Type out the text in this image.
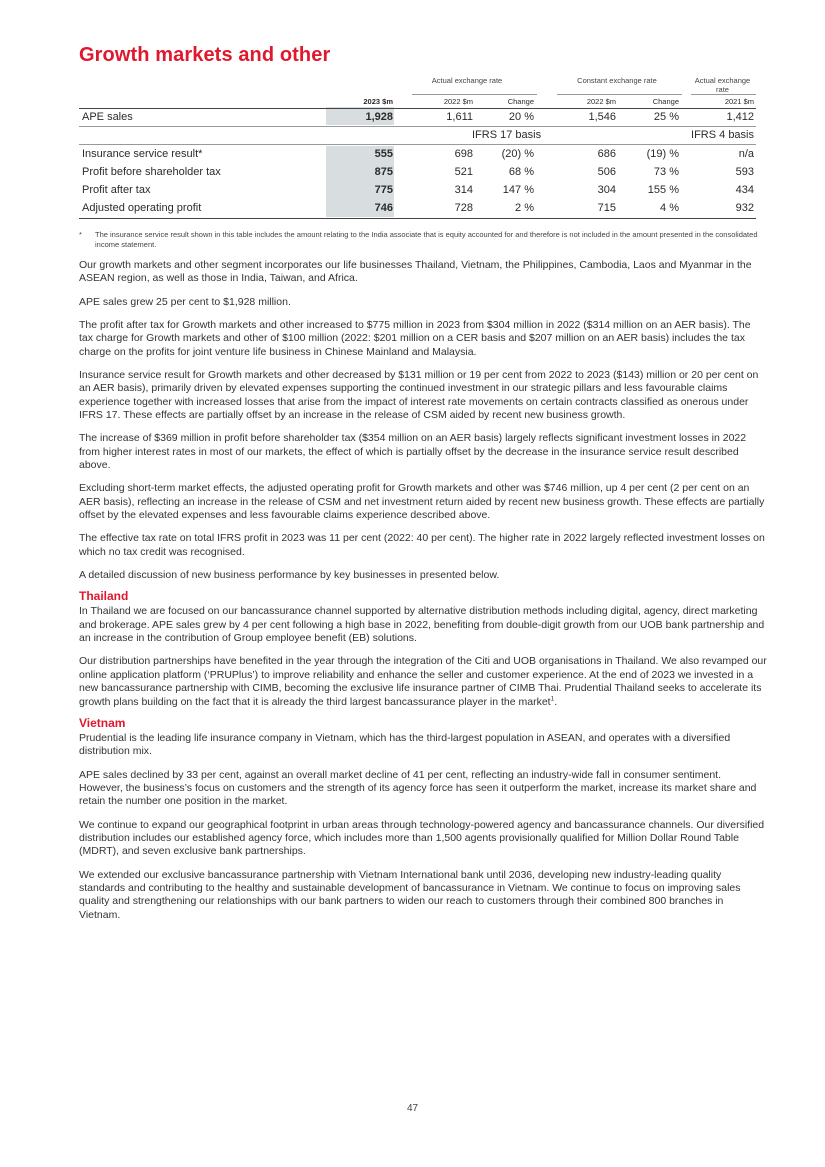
Growth markets and other
Actual exchange rate	Constant exchange rate	Actual exchange rate
2023 $m	2022 $m	Change	2022 $m	Change	2021 $m
APE sales	1,928	1,611	20 %	1,546	25 %	1,412
IFRS 17 basis	IFRS 4 basis
Insurance service result*	555	698	(20) %	686	(19) %	n/a
Profit before shareholder tax	875	521	68 %	506	73 %	593
Profit after tax	775	314	147 %	304	155 %	434
Adjusted operating profit	746	728	2 %	715	4 %	932
* The insurance service result shown in this table includes the amount relating to the India associate that is equity accounted for and therefore is not included in the amount presented in the consolidated income statement.

Our growth markets and other segment incorporates our life businesses Thailand, Vietnam, the Philippines, Cambodia, Laos and Myanmar in the ASEAN region, as well as those in India, Taiwan, and Africa.

APE sales grew 25 per cent to $1,928 million.

The profit after tax for Growth markets and other increased to $775 million in 2023 from $304 million in 2022 ($314 million on an AER basis). The tax charge for Growth markets and other of $100 million (2022: $201 million on a CER basis and $207 million on an AER basis) includes the tax charge on the profits for joint venture life business in Chinese Mainland and Malaysia.

Insurance service result for Growth markets and other decreased by $131 million or 19 per cent from 2022 to 2023 ($143) million or 20 per cent on an AER basis), primarily driven by elevated expenses supporting the continued investment in our strategic pillars and less favourable claims experience together with increased losses that arise from the impact of interest rate movements on certain contracts classified as onerous under IFRS 17. These effects are partially offset by an increase in the release of CSM aided by recent new business growth.

The increase of $369 million in profit before shareholder tax ($354 million on an AER basis) largely reflects significant investment losses in 2022 from higher interest rates in most of our markets, the effect of which is partially offset by the decrease in the insurance service result described above.

Excluding short-term market effects, the adjusted operating profit for Growth markets and other was $746 million, up 4 per cent (2 per cent on an AER basis), reflecting an increase in the release of CSM and net investment return aided by recent new business growth. These effects are partially offset by the elevated expenses and less favourable claims experience described above.

The effective tax rate on total IFRS profit in 2023 was 11 per cent (2022: 40 per cent). The higher rate in 2022 largely reflected investment losses on which no tax credit was recognised.

A detailed discussion of new business performance by key businesses in presented below.

Thailand

In Thailand we are focused on our bancassurance channel supported by alternative distribution methods including digital, agency, direct marketing and brokerage. APE sales grew by 4 per cent following a high base in 2022, benefiting from double-digit growth from our UOB bank partnership and an increase in the contribution of Group employee benefit (EB) solutions.

Our distribution partnerships have benefited in the year through the integration of the Citi and UOB organisations in Thailand. We also revamped our online application platform (‘PRUPlus’) to improve reliability and enhance the seller and customer experience. At the end of 2023 we invested in a new bancassurance partnership with CIMB, becoming the exclusive life insurance partner of CIMB Thai. Prudential Thailand seeks to accelerate its growth plans building on the fact that it is already the third largest bancassurance player in the market$^1$.

Vietnam

Prudential is the leading life insurance company in Vietnam, which has the third-largest population in ASEAN, and operates with a diversified distribution mix.

APE sales declined by 33 per cent, against an overall market decline of 41 per cent, reflecting an industry-wide fall in consumer sentiment. However, the business’s focus on customers and the strength of its agency force has seen it outperform the market, increase its market share and retain the number one position in the market.

We continue to expand our geographical footprint in urban areas through technology-powered agency and bancassurance channels. Our diversified distribution includes our established agency force, which includes more than 1,500 agents provisionally qualified for Million Dollar Round Table (MDRT), and seven exclusive bank partnerships.

We extended our exclusive bancassurance partnership with Vietnam International bank until 2036, developing new industry-leading quality standards and contributing to the healthy and sustainable development of bancassurance in Vietnam. We continue to focus on improving sales quality and strengthening our relationships with our bank partners to widen our reach to customers through their combined 800 branches in Vietnam.

47
